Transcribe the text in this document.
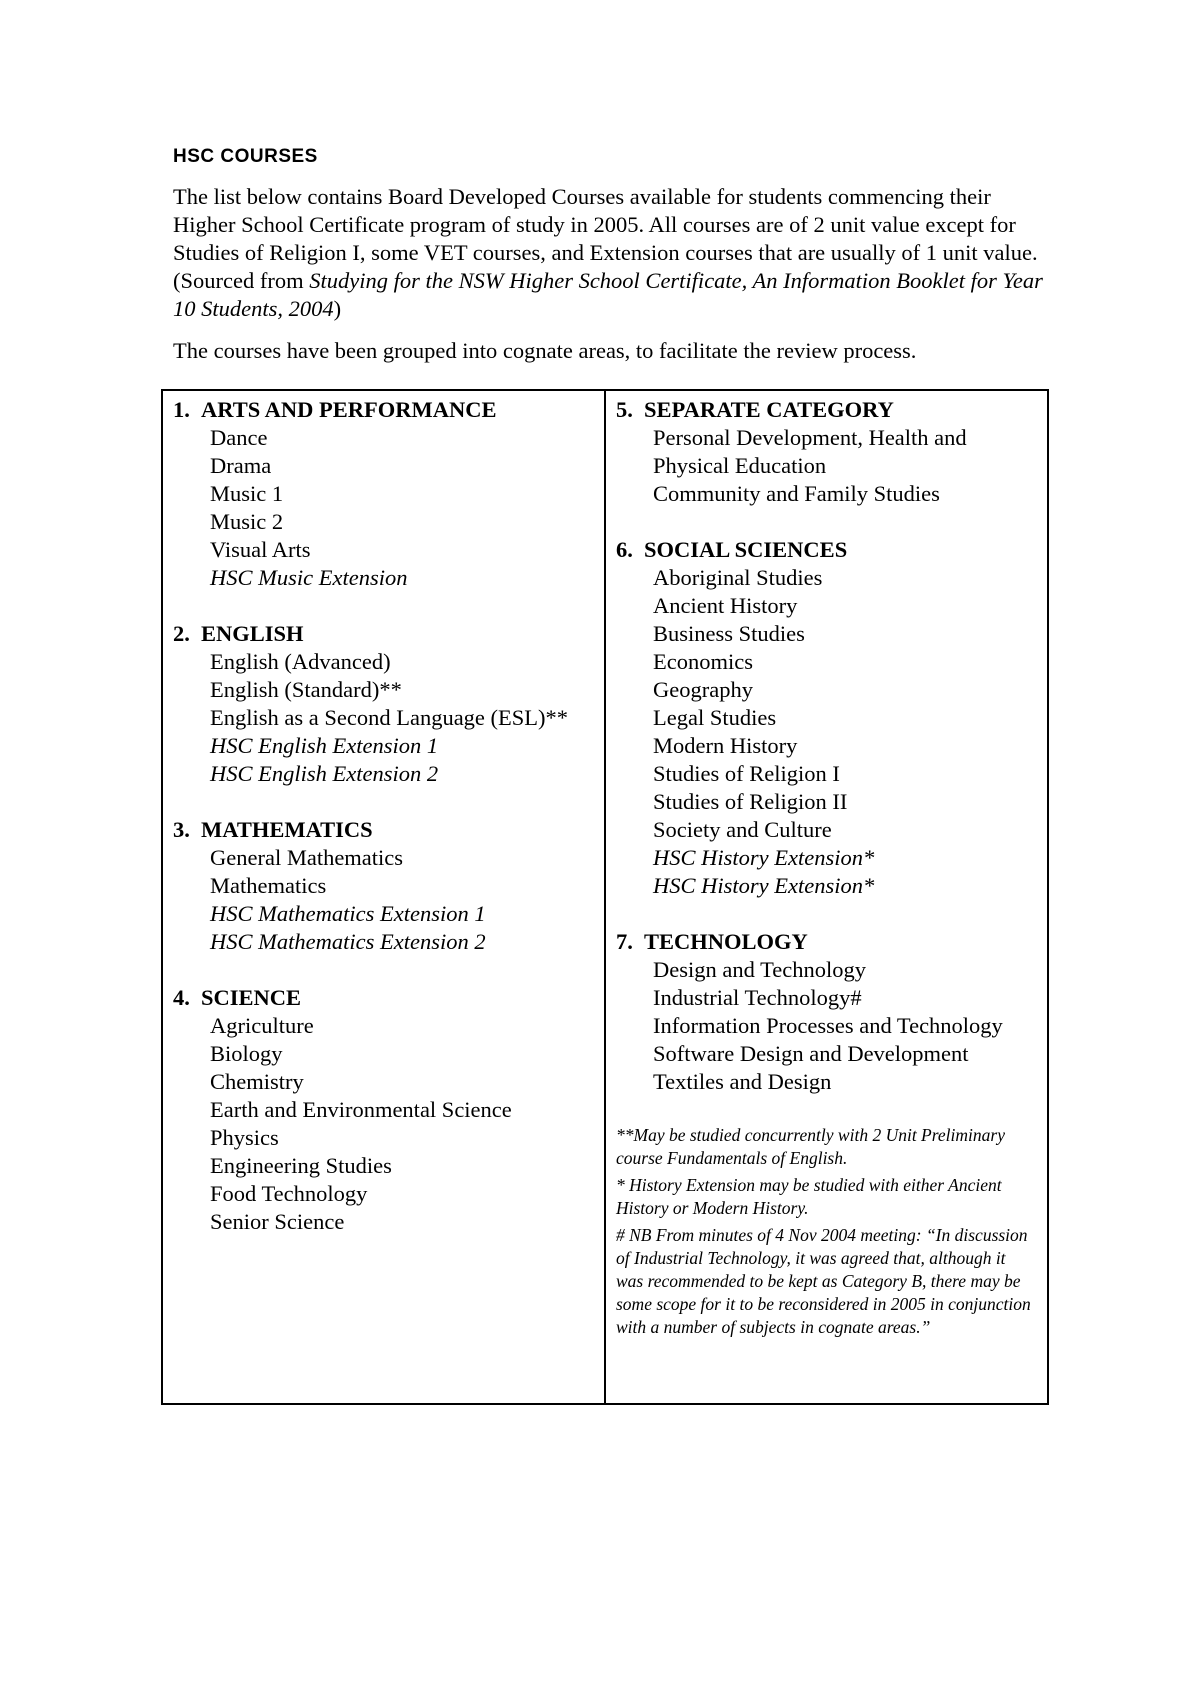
HSC COURSES

The list below contains Board Developed Courses available for students commencing their Higher School Certificate program of study in 2005. All courses are of 2 unit value except for Studies of Religion I, some VET courses, and Extension courses that are usually of 1 unit value. (Sourced from Studying for the NSW Higher School Certificate, An Information Booklet for Year 10 Students, 2004)

The courses have been grouped into cognate areas, to facilitate the review process.

1. ARTS AND PERFORMANCE
Dance
Drama
Music 1
Music 2
Visual Arts
HSC Music Extension
2. ENGLISH
English (Advanced)
English (Standard)**
English as a Second Language (ESL)**
HSC English Extension 1
HSC English Extension 2
3. MATHEMATICS
General Mathematics
Mathematics
HSC Mathematics Extension 1
HSC Mathematics Extension 2
4. SCIENCE
Agriculture
Biology
Chemistry
Earth and Environmental Science
Physics
Engineering Studies
Food Technology
Senior Science
5. SEPARATE CATEGORY
Personal Development, Health and Physical Education
Community and Family Studies
6. SOCIAL SCIENCES
Aboriginal Studies
Ancient History
Business Studies
Economics
Geography
Legal Studies
Modern History
Studies of Religion I
Studies of Religion II
Society and Culture
HSC History Extension*
HSC History Extension*
7. TECHNOLOGY
Design and Technology
Industrial Technology#
Information Processes and Technology
Software Design and Development
Textiles and Design

**May be studied concurrently with 2 Unit Preliminary course Fundamentals of English.

* History Extension may be studied with either Ancient History or Modern History.

# NB From minutes of 4 Nov 2004 meeting: “In discussion of Industrial Technology, it was agreed that, although it was recommended to be kept as Category B, there may be some scope for it to be reconsidered in 2005 in conjunction with a number of subjects in cognate areas.”
